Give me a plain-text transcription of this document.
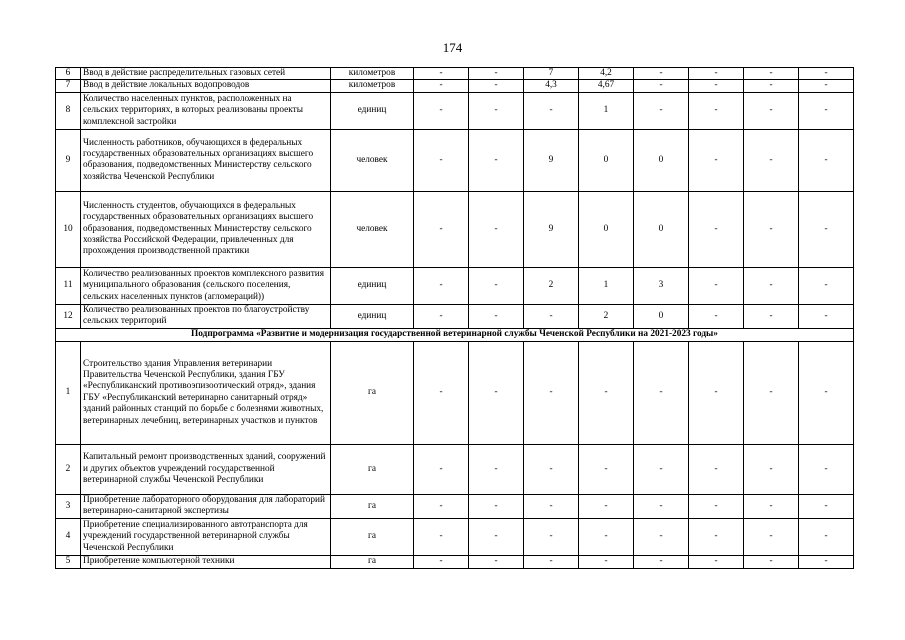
174
6	Ввод в действие распределительных газовых сетей	километров	-	-	7	4,2	-	-	-	-
7	Ввод в действие локальных водопроводов	километров	-	-	4,3	4,67	-	-	-	-
8	Количество населенных пунктов, расположенных на сельских территориях, в которых реализованы проекты комплексной застройки	единиц	-	-	-	1	-	-	-	-
9	Численность работников, обучающихся в федеральных государственных образовательных организациях высшего образования, подведомственных Министерству сельского хозяйства Чеченской Республики	человек	-	-	9	0	0	-	-	-
10	Численность студентов, обучающихся в федеральных государственных образовательных организациях высшего образования, подведомственных Министерству сельского хозяйства Российской Федерации, привлеченных для прохождения производственной практики	человек	-	-	9	0	0	-	-	-
11	Количество реализованных проектов комплексного развития муниципального образования (сельского поселения, сельских населенных пунктов (агломераций))	единиц	-	-	2	1	3	-	-	-
12	Количество реализованных проектов по благоустройству сельских территорий	единиц	-	-	-	2	0	-	-	-
Подпрограмма «Развитие и модернизация государственной ветеринарной службы Чеченской Республики на 2021-2023 годы»										
1	Строительство здания Управления ветеринарии Правительства Чеченской Республики, здания ГБУ «Республиканский противоэпизоотический отряд», здания ГБУ «Республиканский ветеринарно санитарный отряд» зданий районных станций по борьбе с болезнями животных, ветеринарных лечебниц, ветеринарных участков и пунктов	га	-	-	-	-	-	-	-	-
2	Капитальный ремонт производственных зданий, сооружений и других объектов учреждений государственной ветеринарной службы Чеченской Республики	га	-	-	-	-	-	-	-	-
3	Приобретение лабораторного оборудования для лабораторий ветеринарно-санитарной экспертизы	га	-	-	-	-	-	-	-	-
4	Приобретение специализированного автотранспорта для учреждений государственной ветеринарной службы Чеченской Республики	га	-	-	-	-	-	-	-	-
5	Приобретение компьютерной техники	га	-	-	-	-	-	-	-	-
